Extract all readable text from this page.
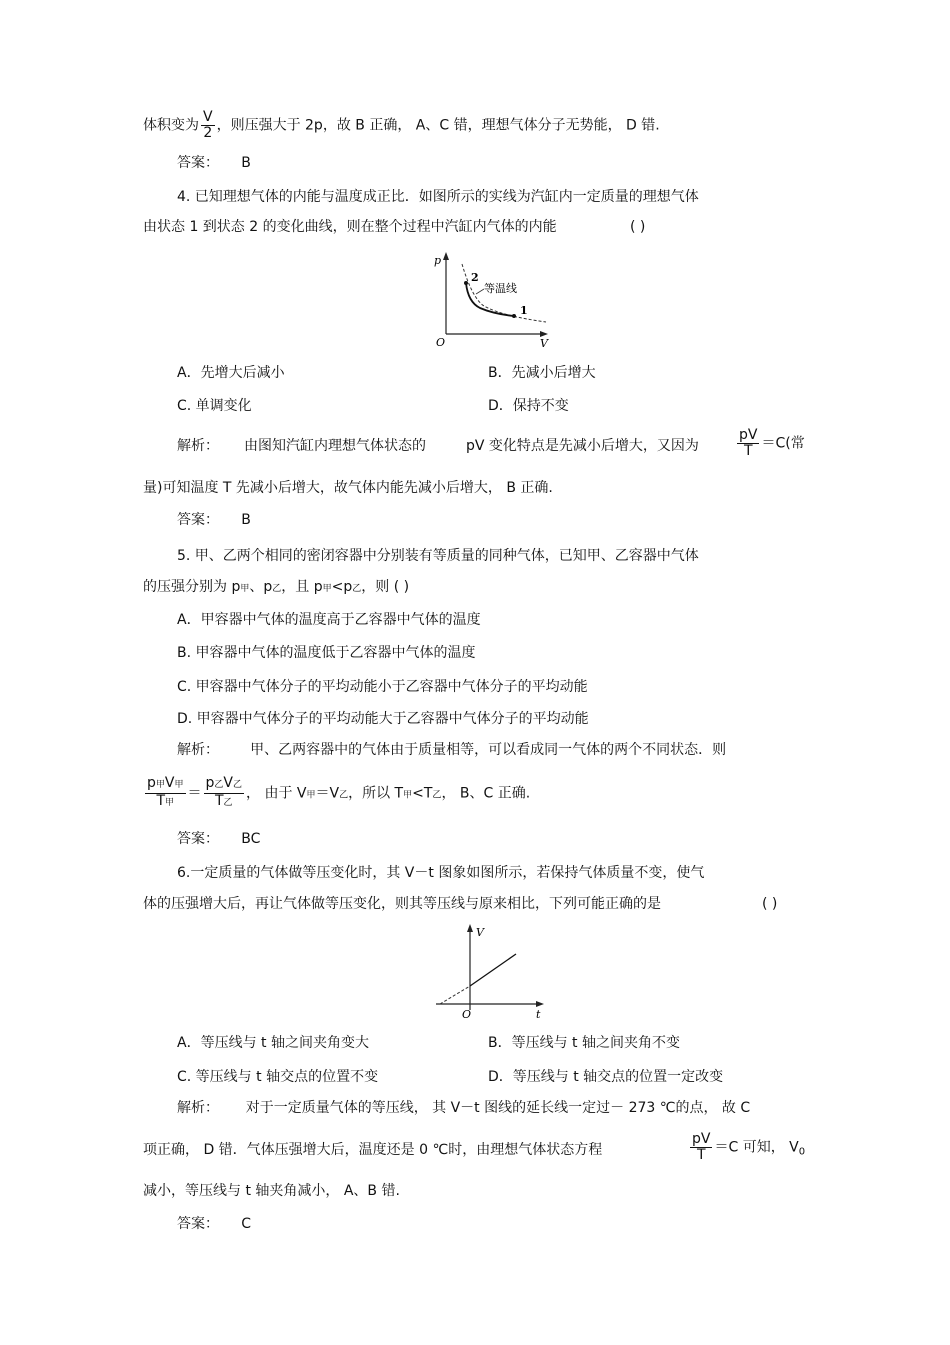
体积变为 $\frac{V}{2}$ ，则压强大于 2p，故 B 正确， A、C 错，理想气体分子无势能， D 错.
答案： B
4. 已知理想气体的内能与温度成正比．如图所示的实线为汽缸内一定质量的理想气体
由状态 1 到状态 2 的变化曲线，则在整个过程中汽缸内气体的内能	( )
p
V
O
2
1
等温线
A．先增大后减小	B．先减小后增大
C. 单调变化	D．保持不变
解析： 由图知汽缸内理想气体状态的	pV 变化特点是先减小后增大，又因为	$\frac{pV}{T} =C$(常
量)可知温度 T 先减小后增大，故气体内能先减小后增大， B 正确.
答案： B
5. 甲、乙两个相同的密闭容器中分别装有等质量的同种气体，已知甲、乙容器中气体
的压强分别为 p甲、p乙，且 p甲<p乙，则 ( )
A．甲容器中气体的温度高于乙容器中气体的温度
B. 甲容器中气体的温度低于乙容器中气体的温度
C. 甲容器中气体分子的平均动能小于乙容器中气体分子的平均动能
D. 甲容器中气体分子的平均动能大于乙容器中气体分子的平均动能
解析： 甲、乙两容器中的气体由于质量相等，可以看成同一气体的两个不同状态．则
$\frac{\text{p甲V甲}}{\text{T甲}} = \frac{\text{p乙V乙}}{\text{T乙}}$ ， 由于 V甲＝V乙，所以 T甲<T乙， B、C 正确.
答案： BC
6.一定质量的气体做等压变化时，其 V－t 图象如图所示，若保持气体质量不变，使气
体的压强增大后，再让气体做等压变化，则其等压线与原来相比，下列可能正确的是	( )
V
t
O
A．等压线与 t 轴之间夹角变大	B．等压线与 t 轴之间夹角不变
C. 等压线与 t 轴交点的位置不变	D．等压线与 t 轴交点的位置一定改变
解析： 对于一定质量气体的等压线， 其 V－t 图线的延长线一定过－ 273 ℃的点， 故 C
项正确， D 错．气体压强增大后，温度还是 0 ℃时，由理想气体状态方程	$\frac{pV}{T} =C$ 可知， $V_0$
减小，等压线与 t 轴夹角减小， A、B 错.
答案： C
